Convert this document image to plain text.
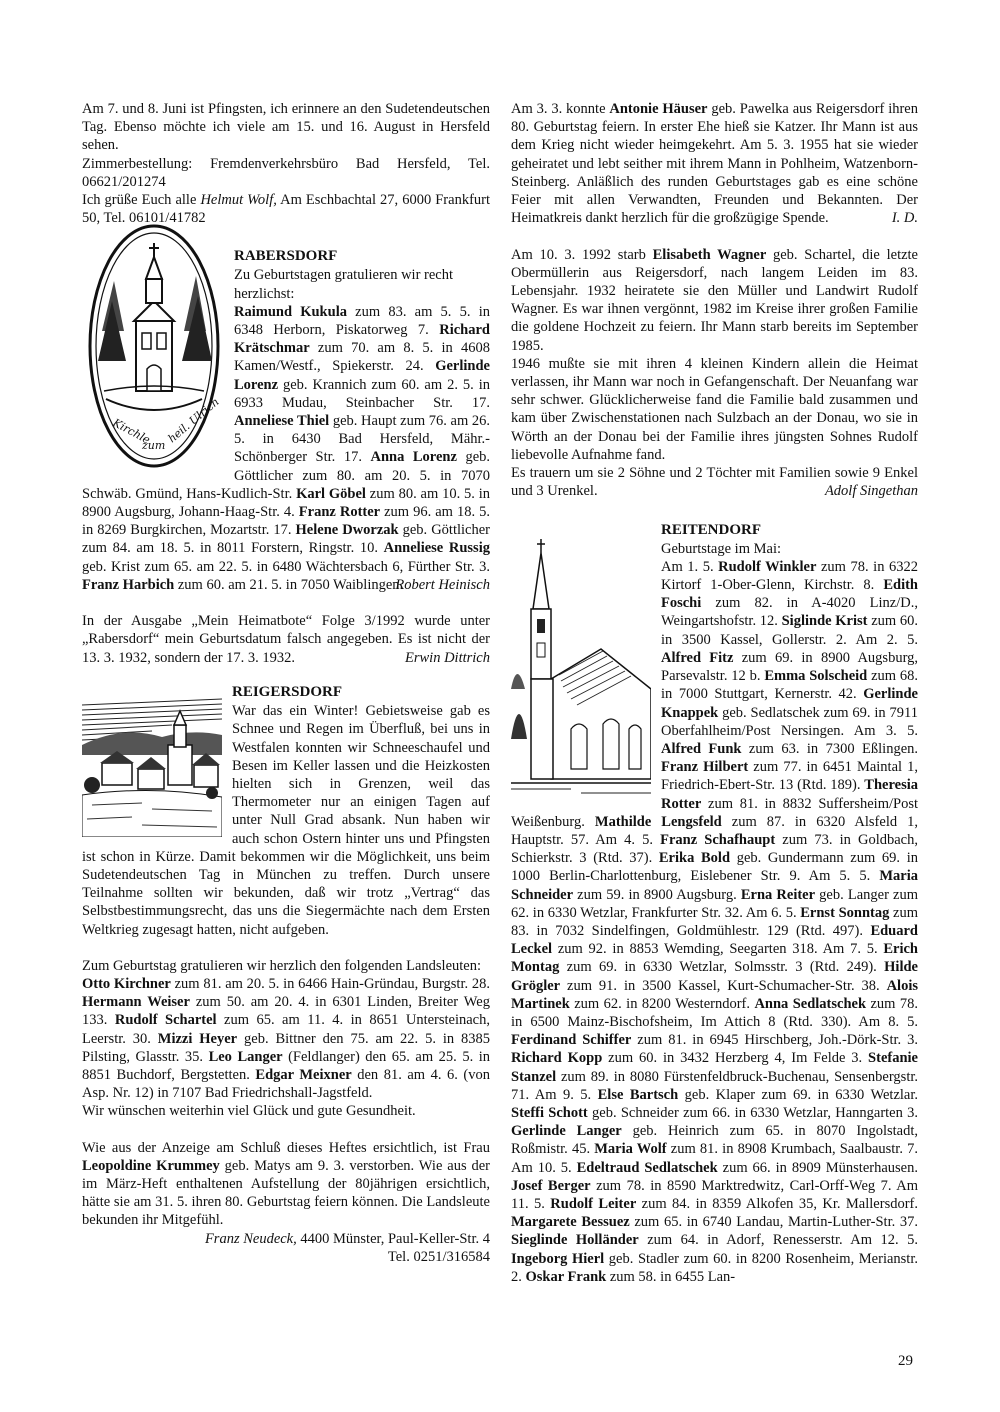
Am 7. und 8. Juni ist Pfingsten, ich erinnere an den Sudetendeutschen Tag. Ebenso möchte ich viele am 15. und 16. August in Hersfeld sehen.

Zimmerbestellung: Fremdenverkehrsbüro Bad Hersfeld, Tel. 06621/201274

Ich grüße Euch alle Helmut Wolf, Am Eschbachtal 27, 6000 Frankfurt 50, Tel. 06101/41782

Kirchle
zum
heil. Ulrich

RABERSDORF

Zu Geburtstagen gratulieren wir recht herzlichst:

Raimund Kukula zum 83. am 5. 5. in 6348 Herborn, Piskatorweg 7. Richard Krätschmar zum 70. am 8. 5. in 4608 Kamen/Westf., Spiekerstr. 24. Gerlinde Lorenz geb. Krannich zum 60. am 2. 5. in 6933 Mudau, Steinbacher Str. 17. Anneliese Thiel geb. Haupt zum 76. am 26. 5. in 6430 Bad Hersfeld, Mähr.-Schönberger Str. 17. Anna Lorenz geb. Göttlicher zum 80. am 20. 5. in 7070 Schwäb. Gmünd, Hans-Kudlich-Str. Karl Göbel zum 80. am 10. 5. in 8900 Augsburg, Johann-Haag-Str. 4. Franz Rotter zum 96. am 18. 5. in 8269 Burgkirchen, Mozartstr. 17. Helene Dworzak geb. Göttlicher zum 84. am 18. 5. in 8011 Forstern, Ringstr. 10. Anneliese Russig geb. Krist zum 65. am 22. 5. in 6480 Wächtersbach 6, Fürther Str. 3. Franz Harbich zum 60. am 21. 5. in 7050 Waiblingen.

Robert Heinisch

In der Ausgabe „Mein Heimatbote“ Folge 3/1992 wurde unter „Rabersdorf“ mein Geburtsdatum falsch angegeben. Es ist nicht der 13. 3. 1932, sondern der 17. 3. 1932.	Erwin Dittrich

REIGERSDORF

War das ein Winter! Gebietsweise gab es Schnee und Regen im Überfluß, bei uns in Westfalen konnten wir Schneeschaufel und Besen im Keller lassen und die Heizkosten hielten sich in Grenzen, weil das Thermometer nur an einigen Tagen auf unter Null Grad absank. Nun haben wir auch schon Ostern hinter uns und Pfingsten ist schon in Kürze. Damit bekommen wir die Möglichkeit, uns beim Sudetendeutschen Tag in München zu treffen. Durch unsere Teilnahme sollten wir bekunden, daß wir trotz „Vertrag“ das Selbstbestimmungsrecht, das uns die Siegermächte nach dem Ersten Weltkrieg zugesagt hatten, nicht aufgeben.

Zum Geburtstag gratulieren wir herzlich den folgenden Landsleuten:

Otto Kirchner zum 81. am 20. 5. in 6466 Hain-Gründau, Burgstr. 28. Hermann Weiser zum 50. am 20. 4. in 6301 Linden, Breiter Weg 133. Rudolf Schartel zum 65. am 11. 4. in 8651 Untersteinach, Leerstr. 30. Mizzi Heyer geb. Bittner den 75. am 22. 5. in 8385 Pilsting, Glasstr. 35. Leo Langer (Feldlanger) den 65. am 25. 5. in 8851 Buchdorf, Bergstetten. Edgar Meixner den 81. am 4. 6. (von Asp. Nr. 12) in 7107 Bad Friedrichshall-Jagstfeld.

Wir wünschen weiterhin viel Glück und gute Gesundheit.

Wie aus der Anzeige am Schluß dieses Heftes ersichtlich, ist Frau Leopoldine Krummey geb. Matys am 9. 3. verstorben. Wie aus der im März-Heft enthaltenen Aufstellung der 80jährigen ersichtlich, hätte sie am 31. 5. ihren 80. Geburtstag feiern können. Die Landsleute bekunden ihr Mitgefühl.

Franz Neudeck, 4400 Münster, Paul-Keller-Str. 4

Tel. 0251/316584

Am 3. 3. konnte Antonie Häuser geb. Pawelka aus Reigersdorf ihren 80. Geburtstag feiern. In erster Ehe hieß sie Katzer. Ihr Mann ist aus dem Krieg nicht wieder heimgekehrt. Am 5. 3. 1955 hat sie wieder geheiratet und lebt seither mit ihrem Mann in Pohlheim, Watzenborn-Steinberg. Anläßlich des runden Geburtstages gab es eine schöne Feier mit allen Verwandten, Freunden und Bekannten. Der Heimatkreis dankt herzlich für die großzügige Spende.	I. D.

Am 10. 3. 1992 starb Elisabeth Wagner geb. Schartel, die letzte Obermüllerin aus Reigersdorf, nach langem Leiden im 83. Lebensjahr. 1932 heiratete sie den Müller und Landwirt Rudolf Wagner. Es war ihnen vergönnt, 1982 im Kreise ihrer großen Familie die goldene Hochzeit zu feiern. Ihr Mann starb bereits im September 1985.

1946 mußte sie mit ihren 4 kleinen Kindern allein die Heimat verlassen, ihr Mann war noch in Gefangenschaft. Der Neuanfang war sehr schwer. Glücklicherweise fand die Familie bald zusammen und kam über Zwischenstationen nach Sulzbach an der Donau, wo sie in Wörth an der Donau bei der Familie ihres jüngsten Sohnes Rudolf liebevolle Aufnahme fand.

Es trauern um sie 2 Söhne und 2 Töchter mit Familien sowie 9 Enkel und 3 Urenkel.	Adolf Singethan

REITENDORF

Geburtstage im Mai:

Am 1. 5. Rudolf Winkler zum 78. in 6322 Kirtorf 1-Ober-Glenn, Kirchstr. 8. Edith Foschi zum 82. in A-4020 Linz/D., Weingartshofstr. 12. Siglinde Krist zum 60. in 3500 Kassel, Gollerstr. 2. Am 2. 5. Alfred Fitz zum 69. in 8900 Augsburg, Parsevalstr. 12 b. Emma Solscheid zum 68. in 7000 Stuttgart, Kernerstr. 42. Gerlinde Knappek geb. Sedlatschek zum 69. in 7911 Oberfahlheim/Post Nersingen. Am 3. 5. Alfred Funk zum 63. in 7300 Eßlingen. Franz Hilbert zum 77. in 6451 Maintal 1, Friedrich-Ebert-Str. 13 (Rtd. 189). Theresia Rotter zum 81. in 8832 Suffersheim/Post Weißenburg. Mathilde Lengsfeld zum 87. in 6320 Alsfeld 1, Hauptstr. 57. Am 4. 5. Franz Schafhaupt zum 73. in Goldbach, Schierkstr. 3 (Rtd. 37). Erika Bold geb. Gundermann zum 69. in 1000 Berlin-Charlottenburg, Eislebener Str. 9. Am 5. 5. Maria Schneider zum 59. in 8900 Augsburg. Erna Reiter geb. Langer zum 62. in 6330 Wetzlar, Frankfurter Str. 32. Am 6. 5. Ernst Sonntag zum 83. in 7032 Sindelfingen, Goldmühlestr. 129 (Rtd. 497). Eduard Leckel zum 92. in 8853 Wemding, Seegarten 318. Am 7. 5. Erich Montag zum 69. in 6330 Wetzlar, Solmsstr. 3 (Rtd. 249). Hilde Grögler zum 91. in 3500 Kassel, Kurt-Schumacher-Str. 38. Alois Martinek zum 62. in 8200 Westerndorf. Anna Sedlatschek zum 78. in 6500 Mainz-Bischofsheim, Im Attich 8 (Rtd. 330). Am 8. 5. Ferdinand Schiffer zum 81. in 6945 Hirschberg, Joh.-Dörk-Str. 3. Richard Kopp zum 60. in 3432 Herzberg 4, Im Felde 3. Stefanie Stanzel zum 89. in 8080 Fürstenfeldbruck-Buchenau, Sensenbergstr. 71. Am 9. 5. Else Bartsch geb. Klaper zum 69. in 6330 Wetzlar. Steffi Schott geb. Schneider zum 66. in 6330 Wetzlar, Hanngarten 3. Gerlinde Langer geb. Heinrich zum 65. in 8070 Ingolstadt, Roßmistr. 45. Maria Wolf zum 81. in 8908 Krumbach, Saalbaustr. 7. Am 10. 5. Edeltraud Sedlatschek zum 66. in 8909 Münsterhausen. Josef Berger zum 78. in 8590 Marktredwitz, Carl-Orff-Weg 7. Am 11. 5. Rudolf Leiter zum 84. in 8359 Alkofen 35, Kr. Mallersdorf. Margarete Bessuez zum 65. in 6740 Landau, Martin-Luther-Str. 37. Sieglinde Holländer zum 64. in Adorf, Renesserstr. Am 12. 5. Ingeborg Hierl geb. Stadler zum 60. in 8200 Rosenheim, Merianstr. 2. Oskar Frank zum 58. in 6455 Lan-

29
